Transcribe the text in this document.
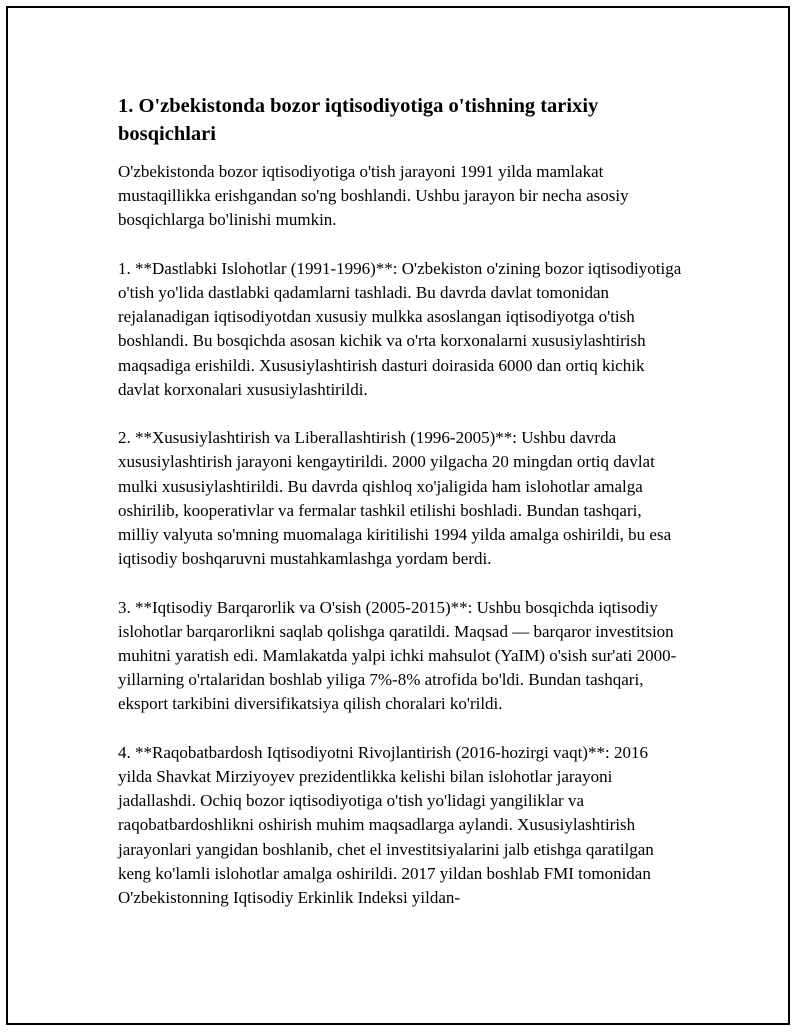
1. O'zbekistonda bozor iqtisodiyotiga o'tishning tarixiy bosqichlari

O'zbekistonda bozor iqtisodiyotiga o'tish jarayoni 1991 yilda mamlakat mustaqillikka erishgandan so'ng boshlandi. Ushbu jarayon bir necha asosiy bosqichlarga bo'linishi mumkin.

1. **Dastlabki Islohotlar (1991-1996)**: O'zbekiston o'zining bozor iqtisodiyotiga o'tish yo'lida dastlabki qadamlarni tashladi. Bu davrda davlat tomonidan rejalanadigan iqtisodiyotdan xususiy mulkka asoslangan iqtisodiyotga o'tish boshlandi. Bu bosqichda asosan kichik va o'rta korxonalarni xususiylashtirish maqsadiga erishildi. Xususiylashtirish dasturi doirasida 6000 dan ortiq kichik davlat korxonalari xususiylashtirildi.

2. **Xususiylashtirish va Liberallashtirish (1996-2005)**: Ushbu davrda xususiylashtirish jarayoni kengaytirildi. 2000 yilgacha 20 mingdan ortiq davlat mulki xususiylashtirildi. Bu davrda qishloq xo'jaligida ham islohotlar amalga oshirilib, kooperativlar va fermalar tashkil etilishi boshladi. Bundan tashqari, milliy valyuta so'mning muomalaga kiritilishi 1994 yilda amalga oshirildi, bu esa iqtisodiy boshqaruvni mustahkamlashga yordam berdi.

3. **Iqtisodiy Barqarorlik va O'sish (2005-2015)**: Ushbu bosqichda iqtisodiy islohotlar barqarorlikni saqlab qolishga qaratildi. Maqsad — barqaror investitsion muhitni yaratish edi. Mamlakatda yalpi ichki mahsulot (YaIM) o'sish sur'ati 2000-yillarning o'rtalaridan boshlab yiliga 7%-8% atrofida bo'ldi. Bundan tashqari, eksport tarkibini diversifikatsiya qilish choralari ko'rildi.

4. **Raqobatbardosh Iqtisodiyotni Rivojlantirish (2016-hozirgi vaqt)**: 2016 yilda Shavkat Mirziyoyev prezidentlikka kelishi bilan islohotlar jarayoni jadallashdi. Ochiq bozor iqtisodiyotiga o'tish yo'lidagi yangiliklar va raqobatbardoshlikni oshirish muhim maqsadlarga aylandi. Xususiylashtirish jarayonlari yangidan boshlanib, chet el investitsiyalarini jalb etishga qaratilgan keng ko'lamli islohotlar amalga oshirildi. 2017 yildan boshlab FMI tomonidan O'zbekistonning Iqtisodiy Erkinlik Indeksi yildan-
